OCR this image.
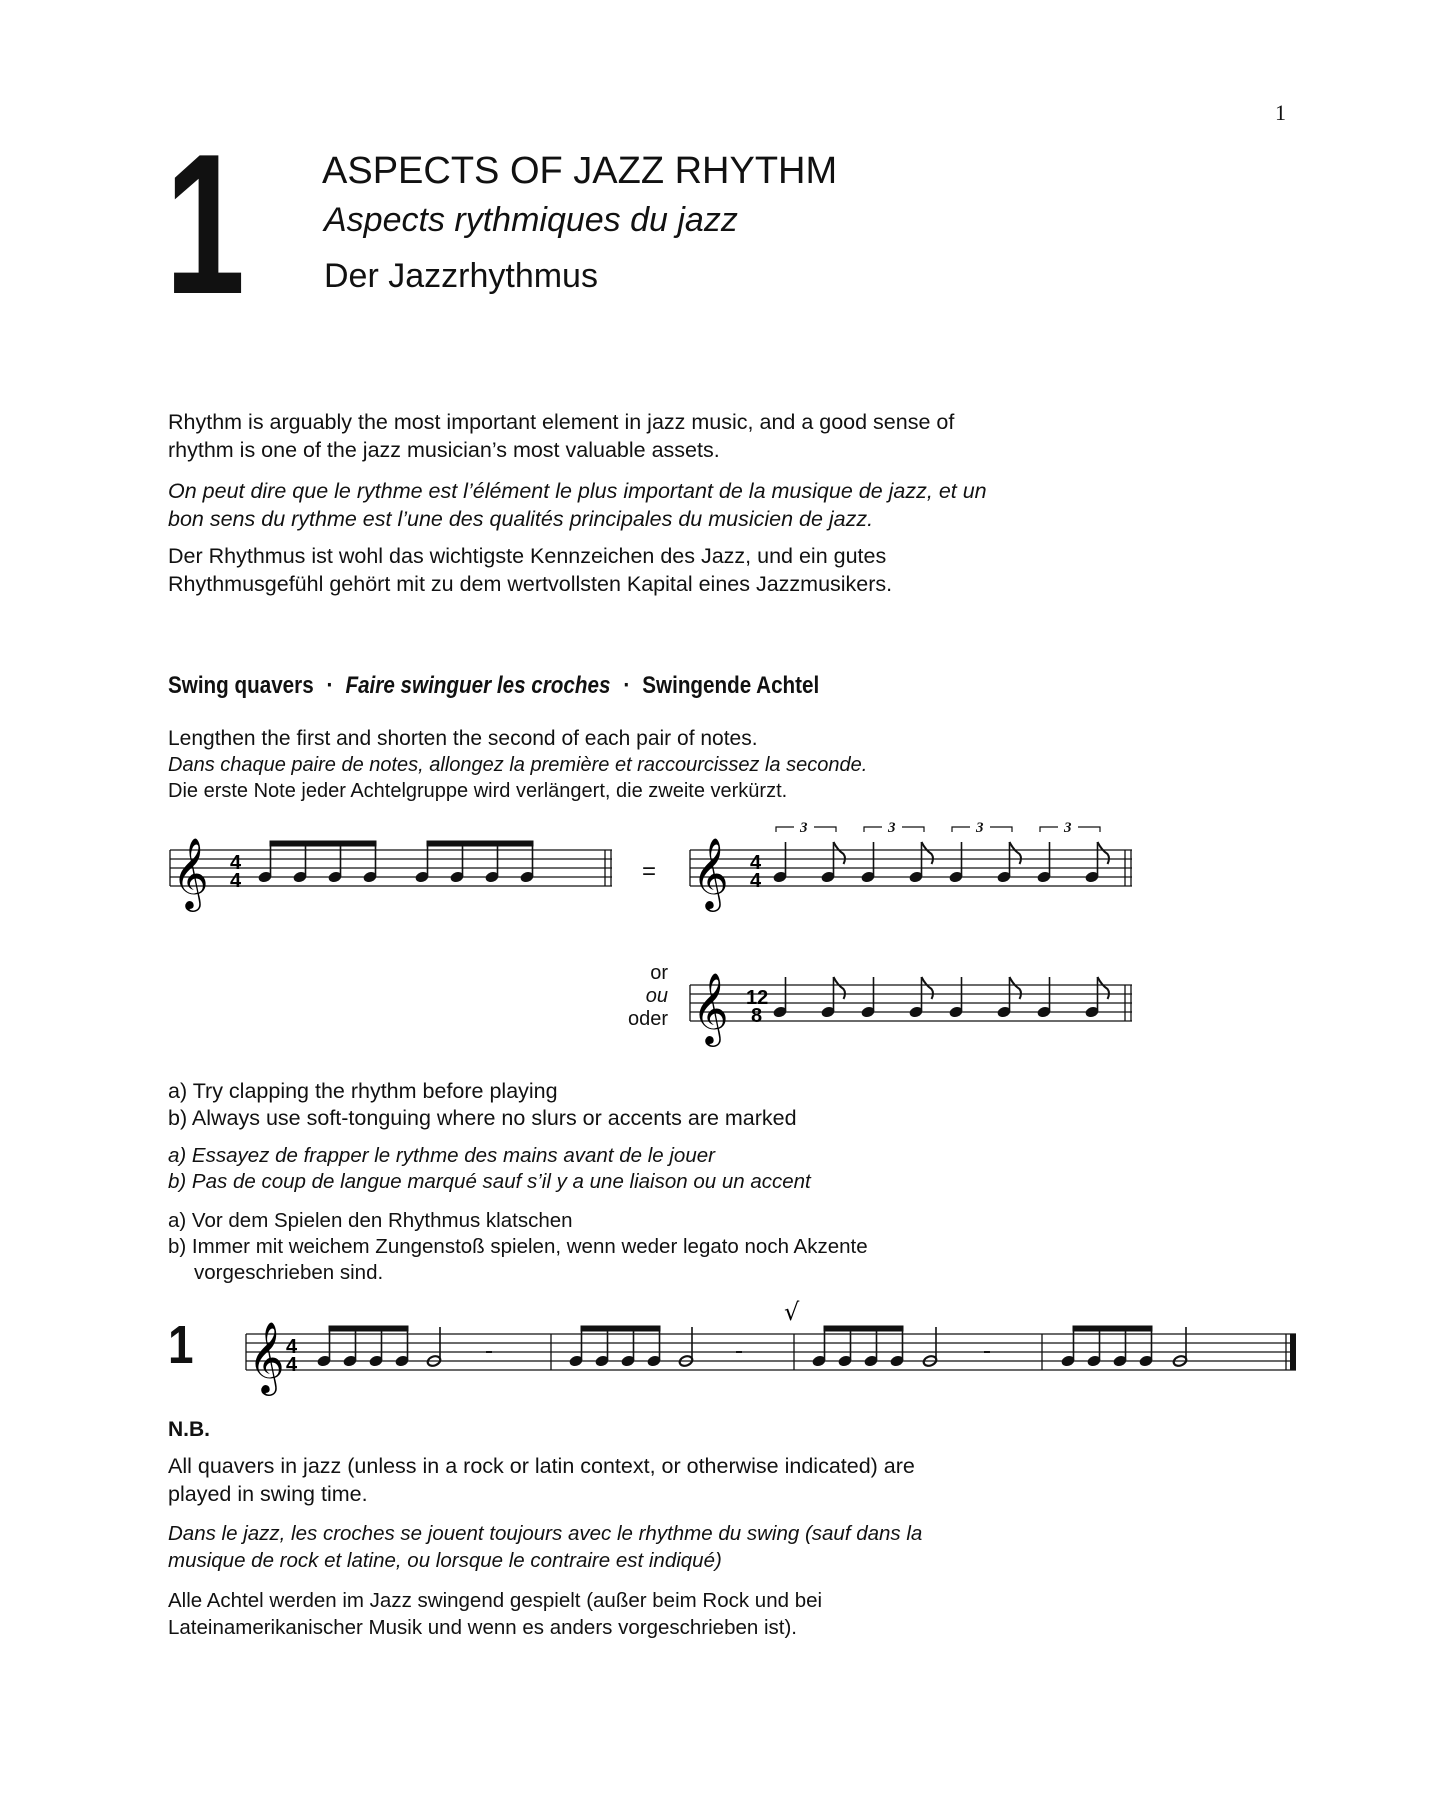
1
1 ASPECTS OF JAZZ RHYTHM
Aspects rythmiques du jazz
Der Jazzrhythmus

Rhythm is arguably the most important element in jazz music, and a good sense of

rhythm is one of the jazz musician’s most valuable assets.

On peut dire que le rythme est l’élément le plus important de la musique de jazz, et un

bon sens du rythme est l’une des qualités principales du musicien de jazz.

Der Rhythmus ist wohl das wichtigste Kennzeichen des Jazz, und ein gutes

Rhythmusgefühl gehört mit zu dem wertvollsten Kapital eines Jazzmusikers.

Swing quavers ▪ Faire swinguer les croches ▪ Swingende Achtel

Lengthen the first and shorten the second of each pair of notes.

Dans chaque paire de notes, allongez la première et raccourcissez la seconde.

Die erste Note jeder Achtelgruppe wird verlängert, die zweite verkürzt.

𝄞 4
4	= 𝄞 4
4
3	3	3	3
or
ou
oder 𝄞 12
8

a) Try clapping the rhythm before playing

b) Always use soft-tonguing where no slurs or accents are marked

a) Essayez de frapper le rythme des mains avant de le jouer

b) Pas de coup de langue marqué sauf s’il y a une liaison ou un accent

a) Vor dem Spielen den Rhythmus klatschen

b) Immer mit weichem Zungenstoß spielen, wenn weder legato noch Akzente

vorgeschrieben sind.

1 𝄞 4
4
√
N.B.

All quavers in jazz (unless in a rock or latin context, or otherwise indicated) are

played in swing time.

Dans le jazz, les croches se jouent toujours avec le rhythme du swing (sauf dans la

musique de rock et latine, ou lorsque le contraire est indiqué)

Alle Achtel werden im Jazz swingend gespielt (außer beim Rock und bei

Lateinamerikanischer Musik und wenn es anders vorgeschrieben ist).
